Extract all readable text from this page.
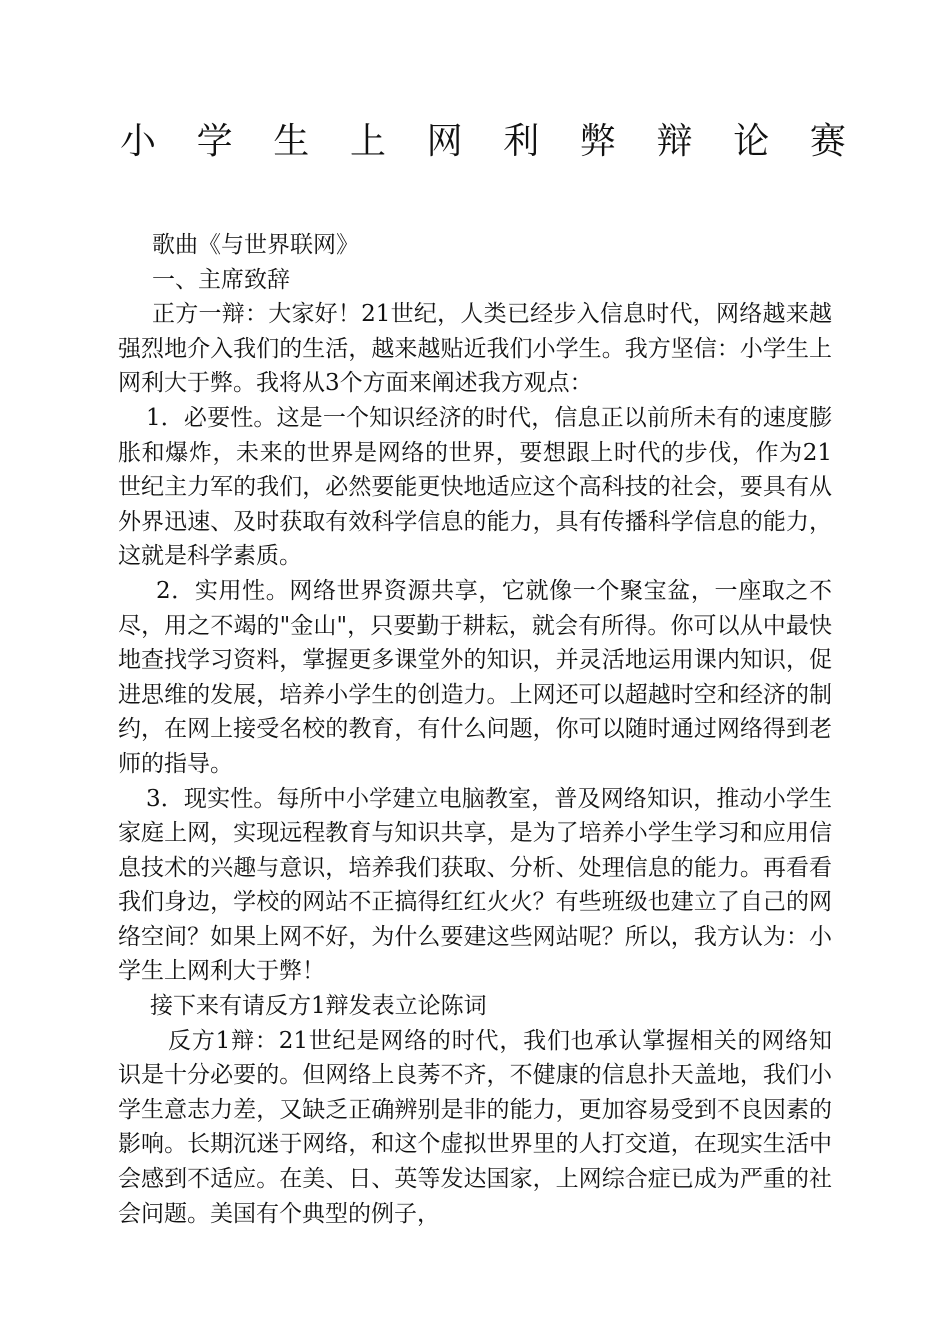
小 学 生 上 网 利 弊 辩 论 赛

歌曲《与世界联网》

一、主席致辞

正方一辩：大家好！21世纪，人类已经步入信息时代，网络越来越强烈地介入我们的生活，越来越贴近我们小学生。我方坚信：小学生上网利大于弊。我将从3个方面来阐述我方观点：

1．必要性。这是一个知识经济的时代，信息正以前所未有的速度膨胀和爆炸，未来的世界是网络的世界，要想跟上时代的步伐，作为21世纪主力军的我们，必然要能更快地适应这个高科技的社会，要具有从外界迅速、及时获取有效科学信息的能力，具有传播科学信息的能力，这就是科学素质。

2．实用性。网络世界资源共享，它就像一个聚宝盆，一座取之不尽，用之不竭的"金山"，只要勤于耕耘，就会有所得。你可以从中最快地查找学习资料，掌握更多课堂外的知识，并灵活地运用课内知识，促进思维的发展，培养小学生的创造力。上网还可以超越时空和经济的制约，在网上接受名校的教育，有什么问题，你可以随时通过网络得到老师的指导。

3．现实性。每所中小学建立电脑教室，普及网络知识，推动小学生家庭上网，实现远程教育与知识共享，是为了培养小学生学习和应用信息技术的兴趣与意识，培养我们获取、分析、处理信息的能力。再看看我们身边，学校的网站不正搞得红红火火？有些班级也建立了自己的网络空间？如果上网不好，为什么要建这些网站呢？所以，我方认为：小学生上网利大于弊！

接下来有请反方1辩发表立论陈词

反方1辩：21世纪是网络的时代，我们也承认掌握相关的网络知识是十分必要的。但网络上良莠不齐，不健康的信息扑天盖地，我们小学生意志力差，又缺乏正确辨别是非的能力，更加容易受到不良因素的影响。长期沉迷于网络，和这个虚拟世界里的人打交道，在现实生活中会感到不适应。在美、日、英等发达国家，上网综合症已成为严重的社会问题。美国有个典型的例子，
